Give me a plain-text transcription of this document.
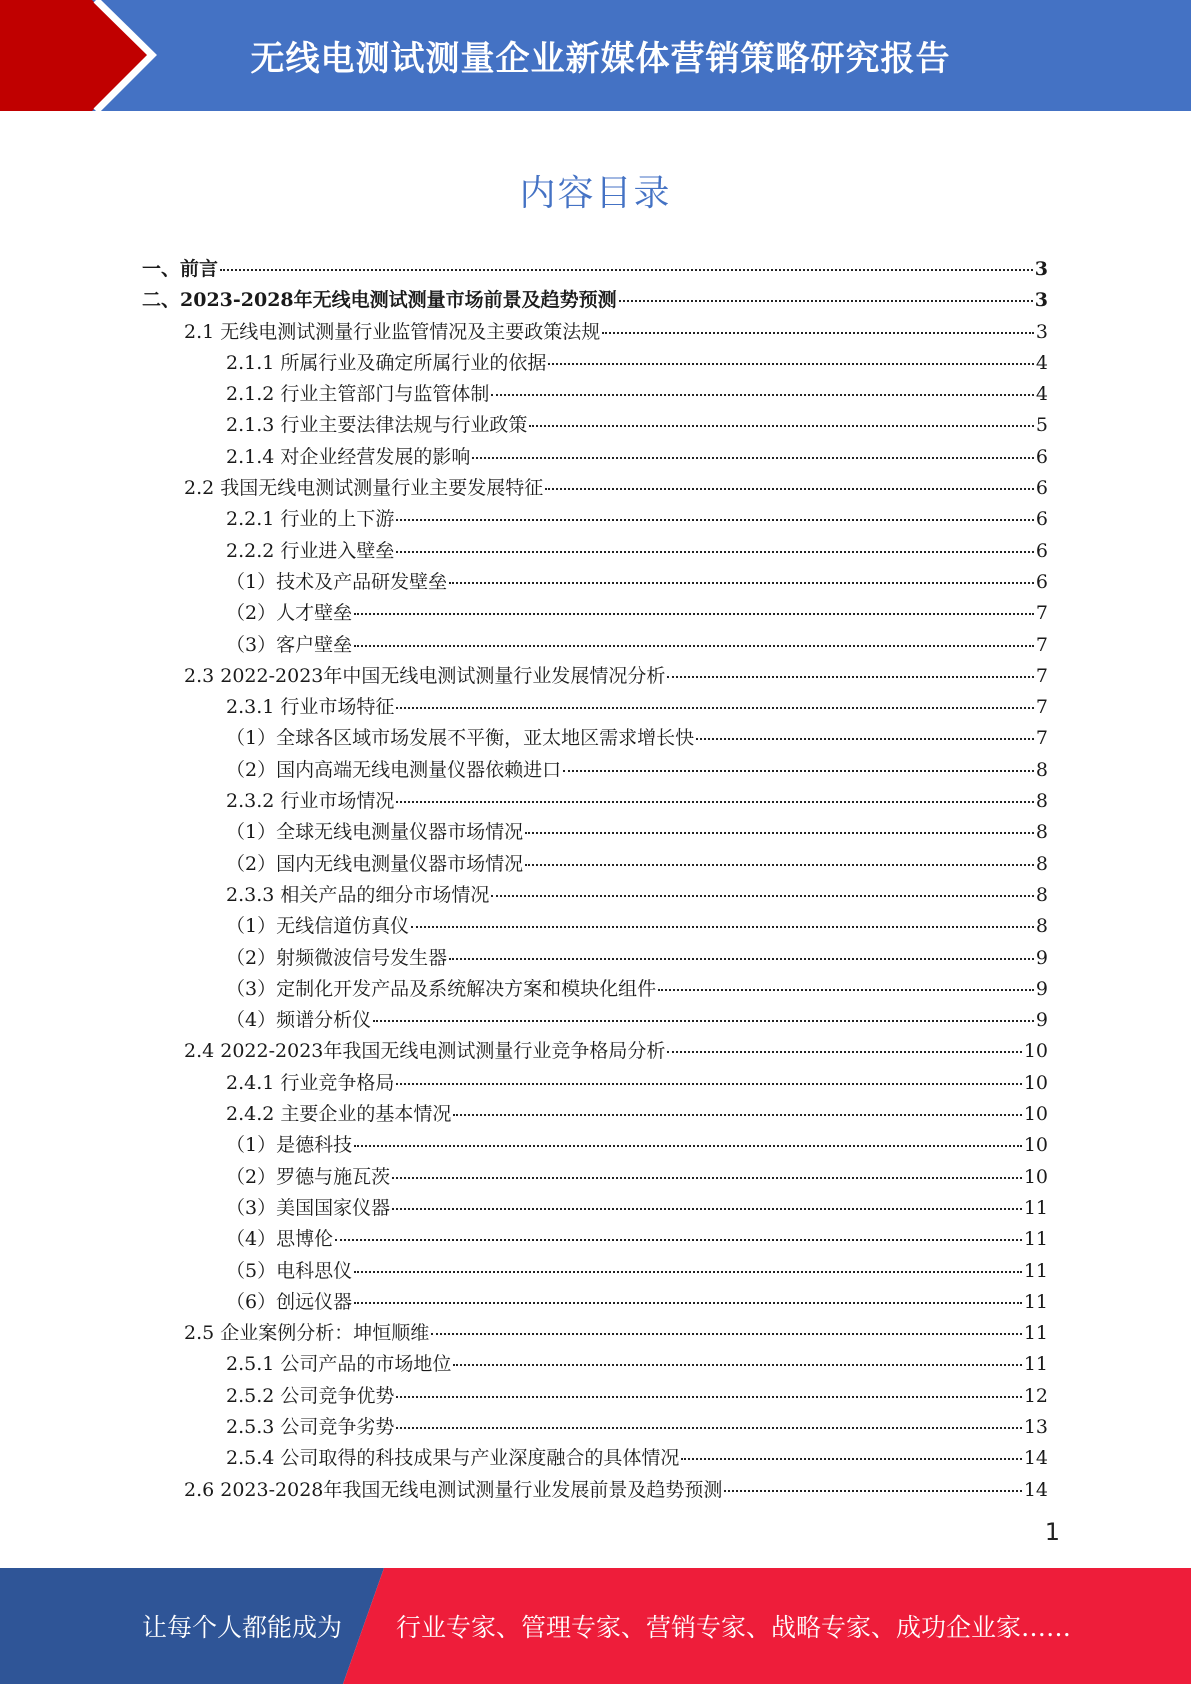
无线电测试测量企业新媒体营销策略研究报告
内容目录
一、前言	3
二、2023-2028年无线电测试测量市场前景及趋势预测	3
2.1 无线电测试测量行业监管情况及主要政策法规	3
2.1.1 所属行业及确定所属行业的依据	4
2.1.2 行业主管部门与监管体制	4
2.1.3 行业主要法律法规与行业政策	5
2.1.4 对企业经营发展的影响	6
2.2 我国无线电测试测量行业主要发展特征	6
2.2.1 行业的上下游	6
2.2.2 行业进入壁垒	6
（1）技术及产品研发壁垒	6
（2）人才壁垒	7
（3）客户壁垒	7
2.3 2022-2023年中国无线电测试测量行业发展情况分析	7
2.3.1 行业市场特征	7
（1）全球各区域市场发展不平衡，亚太地区需求增长快	7
（2）国内高端无线电测量仪器依赖进口	8
2.3.2 行业市场情况	8
（1）全球无线电测量仪器市场情况	8
（2）国内无线电测量仪器市场情况	8
2.3.3 相关产品的细分市场情况	8
（1）无线信道仿真仪	8
（2）射频微波信号发生器	9
（3）定制化开发产品及系统解决方案和模块化组件	9
（4）频谱分析仪	9
2.4 2022-2023年我国无线电测试测量行业竞争格局分析	10
2.4.1 行业竞争格局	10
2.4.2 主要企业的基本情况	10
（1）是德科技	10
（2）罗德与施瓦茨	10
（3）美国国家仪器	11
（4）思博伦	11
（5）电科思仪	11
（6）创远仪器	11
2.5 企业案例分析：坤恒顺维	11
2.5.1 公司产品的市场地位	11
2.5.2 公司竞争优势	12
2.5.3 公司竞争劣势	13
2.5.4 公司取得的科技成果与产业深度融合的具体情况	14
2.6 2023-2028年我国无线电测试测量行业发展前景及趋势预测	14
1
让每个人都能成为 行业专家、管理专家、营销专家、战略专家、成功企业家……
